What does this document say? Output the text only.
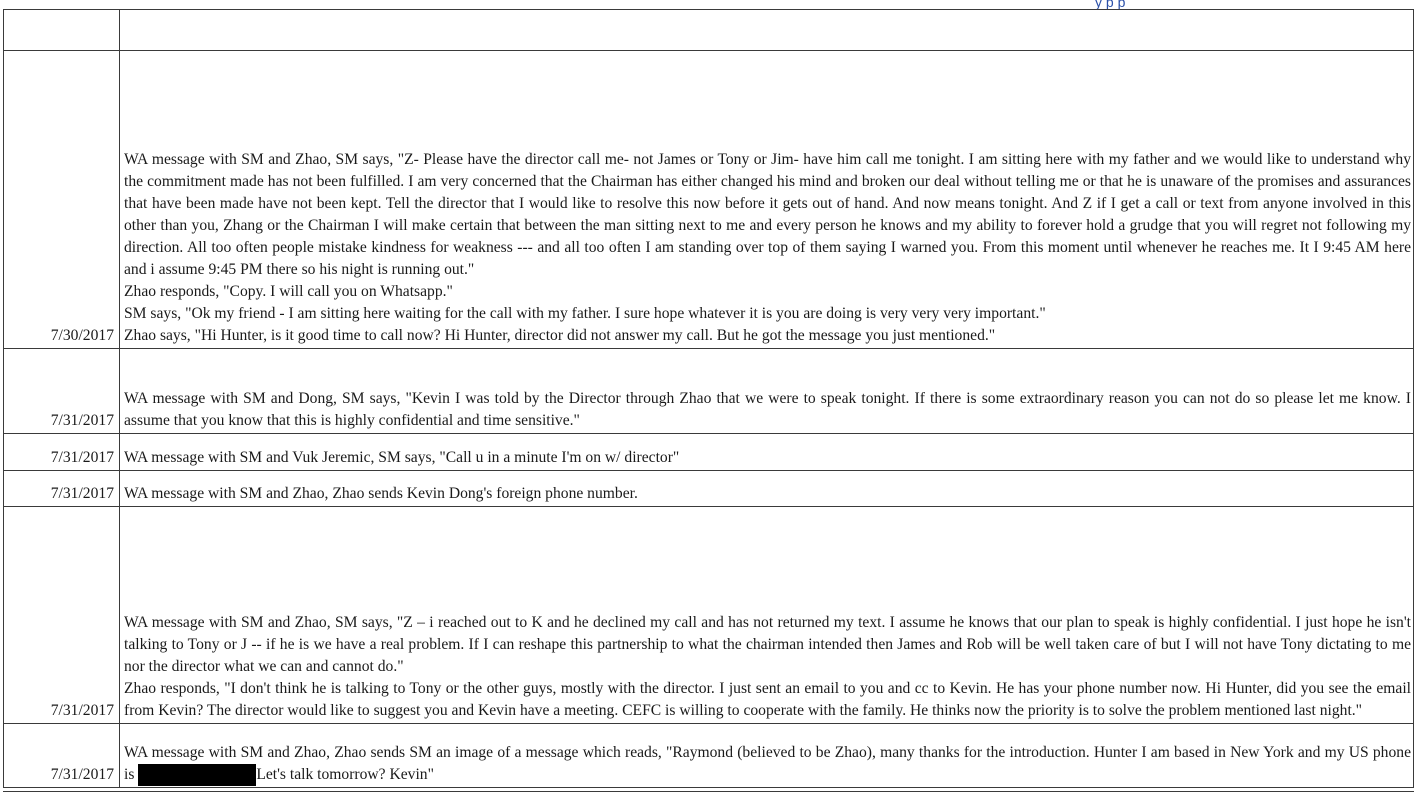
y p p

7/30/2017	WA message with SM and Zhao, SM says, "Z- Please have the director call me- not James or Tony or Jim- have him call me tonight. I am sitting here with my father and we would like to understand why the commitment made has not been fulfilled. I am very concerned that the Chairman has either changed his mind and broken our deal without telling me or that he is unaware of the promises and assurances that have been made have not been kept. Tell the director that I would like to resolve this now before it gets out of hand. And now means tonight. And Z if I get a call or text from anyone involved in this other than you, Zhang or the Chairman I will make certain that between the man sitting next to me and every person he knows and my ability to forever hold a grudge that you will regret not following my direction. All too often people mistake kindness for weakness --- and all too often I am standing over top of them saying I warned you. From this moment until whenever he reaches me. It I 9:45 AM here and i assume 9:45 PM there so his night is running out."
Zhao responds, "Copy. I will call you on Whatsapp."
SM says, "Ok my friend - I am sitting here waiting for the call with my father. I sure hope whatever it is you are doing is very very very important."
Zhao says, "Hi Hunter, is it good time to call now? Hi Hunter, director did not answer my call. But he got the message you just mentioned."

7/31/2017	WA message with SM and Dong, SM says, "Kevin I was told by the Director through Zhao that we were to speak tonight. If there is some extraordinary reason you can not do so please let me know. I assume that you know that this is highly confidential and time sensitive."

7/31/2017	WA message with SM and Vuk Jeremic, SM says, "Call u in a minute I'm on w/ director"

7/31/2017	WA message with SM and Zhao, Zhao sends Kevin Dong's foreign phone number.

7/31/2017	WA message with SM and Zhao, SM says, "Z – i reached out to K and he declined my call and has not returned my text. I assume he knows that our plan to speak is highly confidential. I just hope he isn't talking to Tony or J -- if he is we have a real problem. If I can reshape this partnership to what the chairman intended then James and Rob will be well taken care of but I will not have Tony dictating to me nor the director what we can and cannot do."
Zhao responds, "I don't think he is talking to Tony or the other guys, mostly with the director. I just sent an email to you and cc to Kevin. He has your phone number now. Hi Hunter, did you see the email from Kevin? The director would like to suggest you and Kevin have a meeting. CEFC is willing to cooperate with the family. He thinks now the priority is to solve the problem mentioned last night."

7/31/2017	WA message with SM and Zhao, Zhao sends SM an image of a message which reads, "Raymond (believed to be Zhao), many thanks for the introduction. Hunter I am based in New York and my US phone is Let's talk tomorrow? Kevin"
